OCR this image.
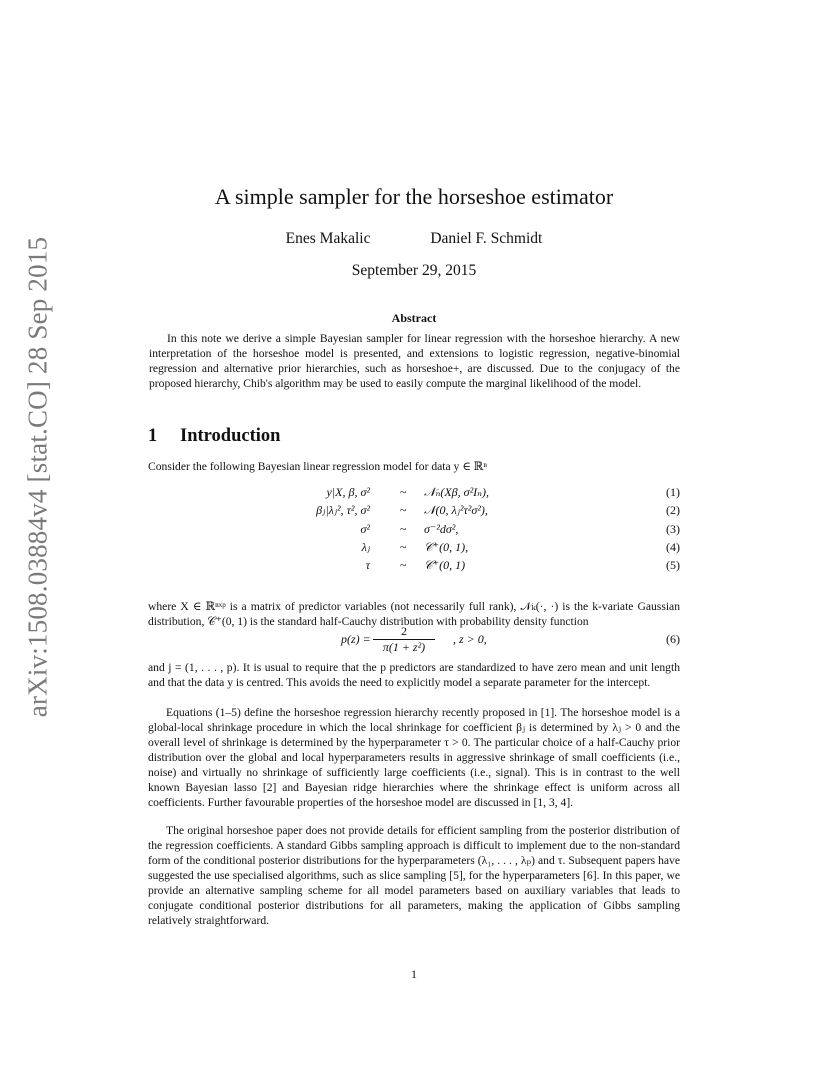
arXiv:1508.03884v4 [stat.CO] 28 Sep 2015
A simple sampler for the horseshoe estimator
Enes Makalic	Daniel F. Schmidt
September 29, 2015
Abstract

In this note we derive a simple Bayesian sampler for linear regression with the horseshoe hierarchy. A new interpretation of the horseshoe model is presented, and extensions to logistic regression, negative-binomial regression and alternative prior hierarchies, such as horseshoe+, are discussed. Due to the conjugacy of the proposed hierarchy, Chib's algorithm may be used to easily compute the marginal likelihood of the model.

1 Introduction

Consider the following Bayesian linear regression model for data y ∈ ℝⁿ

y|X, β, σ²	~ 𝒩ₙ(Xβ, σ²Iₙ),	(1)
βⱼ|λⱼ², τ², σ²	~ 𝒩(0, λⱼ²τ²σ²),	(2)
σ²	~ σ⁻²dσ²,	(3)
λⱼ	~ 𝒞⁺(0, 1),	(4)
τ	~ 𝒞⁺(0, 1)	(5)

where X ∈ ℝⁿˣᵖ is a matrix of predictor variables (not necessarily full rank), 𝒩ₖ(·, ·) is the k-variate Gaussian distribution, 𝒞⁺(0, 1) is the standard half-Cauchy distribution with probability density function

$p(z) = \frac{2}{\text{π(1 + z²)}}$ , z > 0,	(6)

and j = (1, . . . , p). It is usual to require that the p predictors are standardized to have zero mean and unit length and that the data y is centred. This avoids the need to explicitly model a separate parameter for the intercept.

Equations (1–5) define the horseshoe regression hierarchy recently proposed in [1]. The horseshoe model is a global-local shrinkage procedure in which the local shrinkage for coefficient βⱼ is determined by λⱼ > 0 and the overall level of shrinkage is determined by the hyperparameter τ > 0. The particular choice of a half-Cauchy prior distribution over the global and local hyperparameters results in aggressive shrinkage of small coefficients (i.e., noise) and virtually no shrinkage of sufficiently large coefficients (i.e., signal). This is in contrast to the well known Bayesian lasso [2] and Bayesian ridge hierarchies where the shrinkage effect is uniform across all coefficients. Further favourable properties of the horseshoe model are discussed in [1, 3, 4].

The original horseshoe paper does not provide details for efficient sampling from the posterior distribution of the regression coefficients. A standard Gibbs sampling approach is difficult to implement due to the non-standard form of the conditional posterior distributions for the hyperparameters (λ₁, . . . , λₚ) and τ. Subsequent papers have suggested the use specialised algorithms, such as slice sampling [5], for the hyperparameters [6]. In this paper, we provide an alternative sampling scheme for all model parameters based on auxiliary variables that leads to conjugate conditional posterior distributions for all parameters, making the application of Gibbs sampling relatively straightforward.

1
